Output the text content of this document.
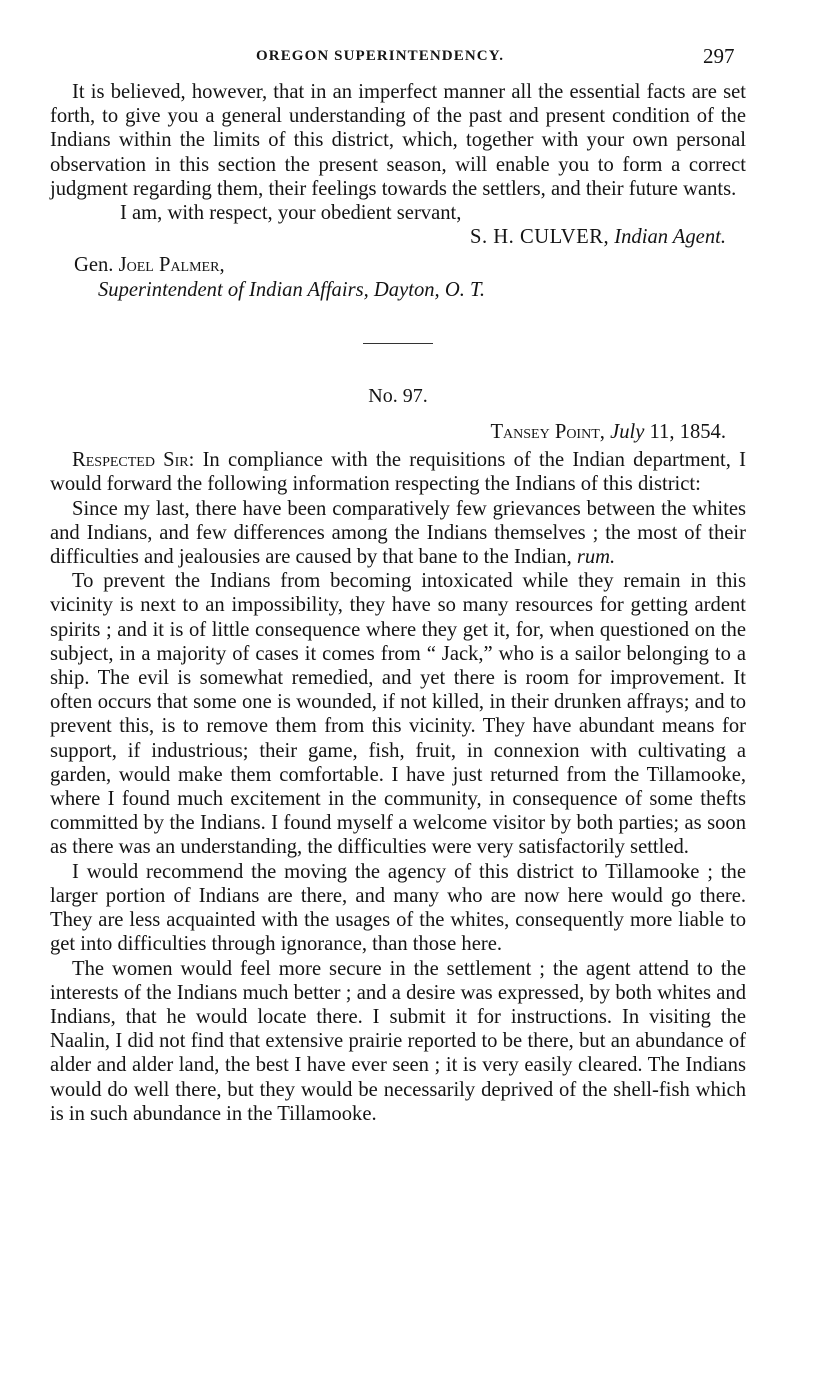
OREGON SUPERINTENDENCY.	297

It is believed, however, that in an imperfect manner all the essential facts are set forth, to give you a general understanding of the past and present condition of the Indians within the limits of this district, which, together with your own personal observation in this section the present season, will enable you to form a correct judgment regarding them, their feelings towards the settlers, and their future wants.

I am, with respect, your obedient servant,

S. H. CULVER, Indian Agent.

Gen. Joel Palmer,

Superintendent of Indian Affairs, Dayton, O. T.

No. 97.

Tansey Point, July 11, 1854.

Respected Sir: In compliance with the requisitions of the Indian department, I would forward the following information respecting the Indians of this district:

Since my last, there have been comparatively few grievances between the whites and Indians, and few differences among the Indians themselves ; the most of their difficulties and jealousies are caused by that bane to the Indian, rum.

To prevent the Indians from becoming intoxicated while they remain in this vicinity is next to an impossibility, they have so many resources for getting ardent spirits ; and it is of little consequence where they get it, for, when questioned on the subject, in a majority of cases it comes from “ Jack,” who is a sailor belonging to a ship. The evil is somewhat remedied, and yet there is room for improvement. It often occurs that some one is wounded, if not killed, in their drunken affrays; and to prevent this, is to remove them from this vicinity. They have abundant means for support, if industrious; their game, fish, fruit, in connexion with cultivating a garden, would make them comfortable. I have just returned from the Tillamooke, where I found much excitement in the community, in consequence of some thefts committed by the Indians. I found myself a welcome visitor by both parties; as soon as there was an understanding, the difficulties were very satisfactorily settled.

I would recommend the moving the agency of this district to Tillamooke ; the larger portion of Indians are there, and many who are now here would go there. They are less acquainted with the usages of the whites, consequently more liable to get into difficulties through ignorance, than those here.

The women would feel more secure in the settlement ; the agent attend to the interests of the Indians much better ; and a desire was expressed, by both whites and Indians, that he would locate there. I submit it for instructions. In visiting the Naalin, I did not find that extensive prairie reported to be there, but an abundance of alder and alder land, the best I have ever seen ; it is very easily cleared. The Indians would do well there, but they would be necessarily deprived of the shell-fish which is in such abundance in the Tillamooke.
